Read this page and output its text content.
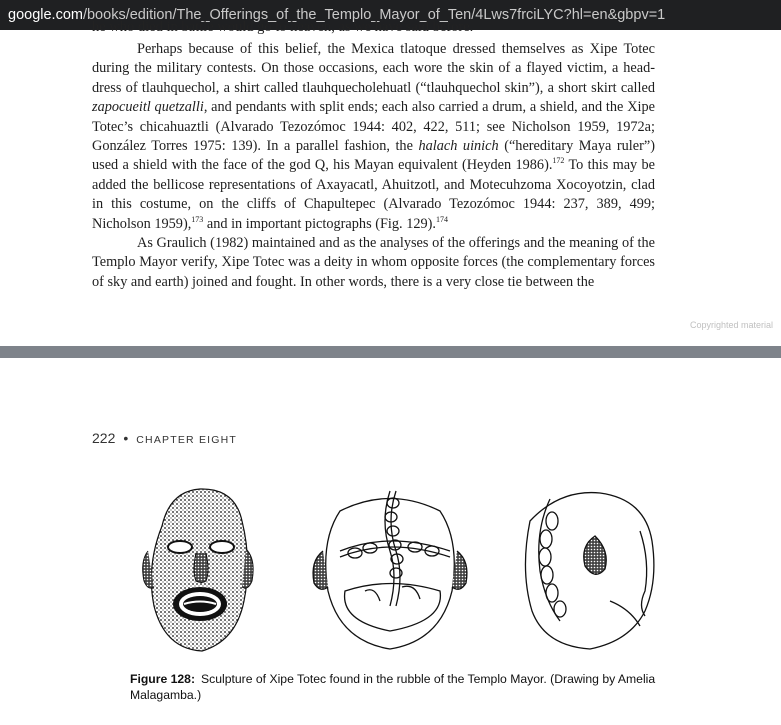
google.com/books/edition/The_Offerings_of_the_Templo_Mayor_of_Ten/4Lws7frciLYC?hl=en&gbpv=1
he who died in battle would go to heaven, as we have said before.

Perhaps because of this belief, the Mexica tlatoque dressed themselves as Xipe Totec during the military contests. On those occasions, each wore the skin of a flayed victim, a head-dress of tlauhquechol, a shirt called tlauhquecholehuatl (“tlauhquechol skin”), a short skirt called zapocueitl quetzalli, and pendants with split ends; each also carried a drum, a shield, and the Xipe Totec’s chicahuaztli (Alvarado Tezozómoc 1944: 402, 422, 511; see Nicholson 1959, 1972a; González Torres 1975: 139). In a parallel fashion, the halach uinich (“hereditary Maya ruler”) used a shield with the face of the god Q, his Mayan equivalent (Heyden 1986).$^{172}$ To this may be added the bellicose representations of Axayacatl, Ahuitzotl, and Motecuhzoma Xocoyotzin, clad in this costume, on the cliffs of Chapultepec (Alvarado Tezozómoc 1944: 237, 389, 499; Nicholson 1959),$^{173}$ and in important pictographs (Fig. 129).$^{174}$

As Graulich (1982) maintained and as the analyses of the offerings and the meaning of the Templo Mayor verify, Xipe Totec was a deity in whom opposite forces (the complementary forces of sky and earth) joined and fought. In other words, there is a very close tie between the

Copyrighted material
222 • CHAPTER EIGHT
Figure 128: Sculpture of Xipe Totec found in the rubble of the Templo Mayor. (Drawing by Amelia Malagamba.)
